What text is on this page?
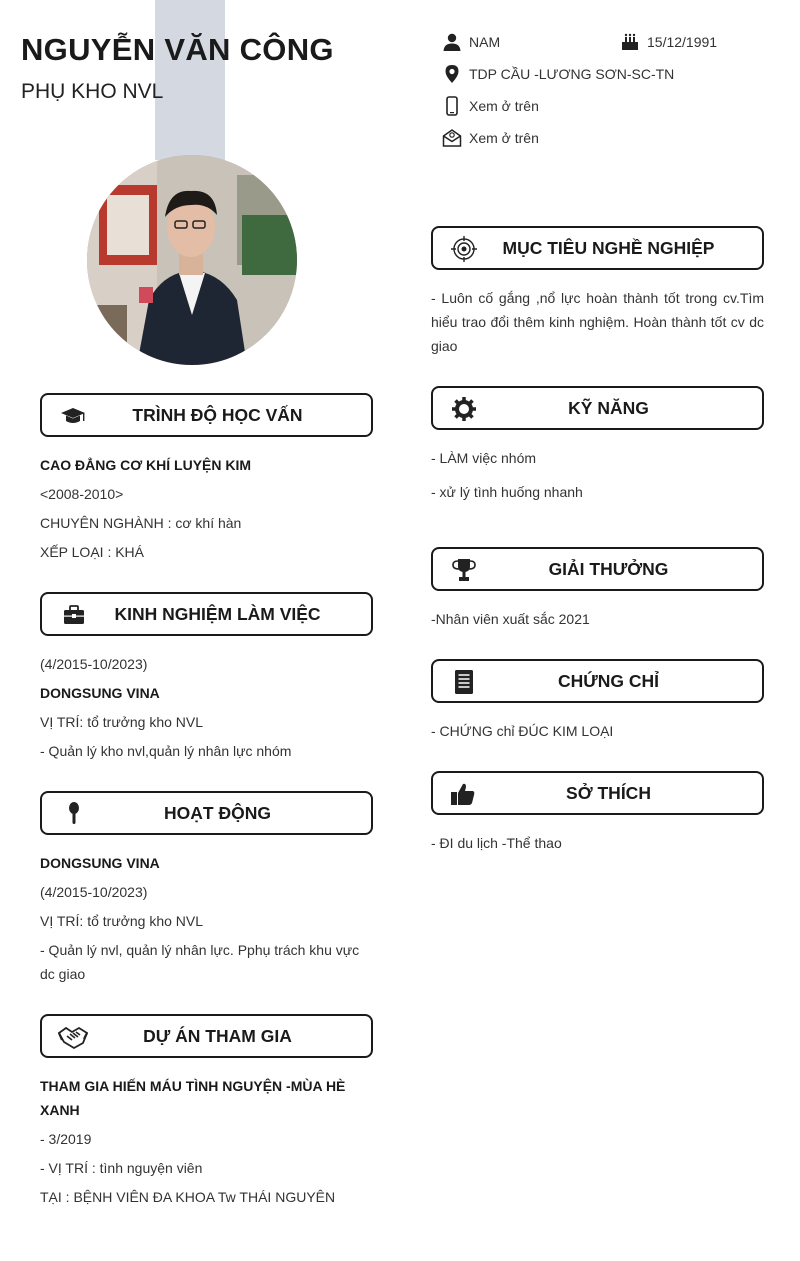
NGUYỄN VĂN CÔNG

PHỤ KHO NVL

NAM	15/12/1991
TDP CẦU -LƯƠNG SƠN-SC-TN
Xem ở trên
Xem ở trên
TRÌNH ĐỘ HỌC VẤN
CAO ĐẲNG CƠ KHÍ LUYỆN KIM
<2008-2010>
CHUYÊN NGHÀNH : cơ khí hàn
XẾP LOẠI : KHÁ
KINH NGHIỆM LÀM VIỆC
(4/2015-10/2023)
DONGSUNG VINA
VỊ TRÍ: tổ trưởng kho NVL
- Quản lý kho nvl,quản lý nhân lực nhóm
HOẠT ĐỘNG
DONGSUNG VINA
(4/2015-10/2023)
VỊ TRÍ: tổ trưởng kho NVL
- Quản lý nvl, quản lý nhân lực. Pphụ trách khu vực dc giao
DỰ ÁN THAM GIA
THAM GIA HIẾN MÁU TÌNH NGUYỆN -MÙA HÈ XANH
- 3/2019
- VỊ TRÍ : tình nguyện viên
TẠI : BỆNH VIÊN ĐA KHOA Tw THÁI NGUYÊN
MỤC TIÊU NGHỀ NGHIỆP
- Luôn cố gắng ,nổ lực hoàn thành tốt trong cv.Tìm hiểu trao đổi thêm kinh nghiệm. Hoàn thành tốt cv dc giao
KỸ NĂNG
- LÀM việc nhóm
- xử lý tình huống nhanh
GIẢI THƯỞNG
-Nhân viên xuất sắc 2021
CHỨNG CHỈ
- CHỨNG chỉ ĐÚC KIM LOẠI
SỞ THÍCH
- ĐI du lịch -Thể thao
